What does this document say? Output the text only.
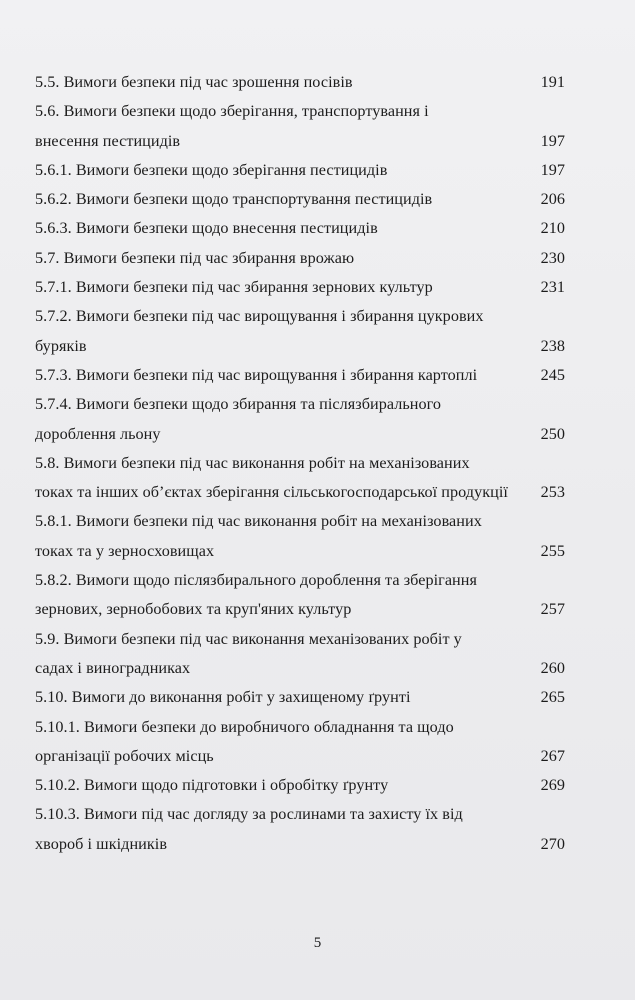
5.5. Вимоги безпеки під час зрошення посівів	191
5.6. Вимоги безпеки щодо зберігання, транспортування і
внесення пестицидів	197
5.6.1. Вимоги безпеки щодо зберігання пестицидів	197
5.6.2. Вимоги безпеки щодо транспортування пестицидів	206
5.6.3. Вимоги безпеки щодо внесення пестицидів	210
5.7. Вимоги безпеки під час збирання врожаю	230
5.7.1. Вимоги безпеки під час збирання зернових культур	231
5.7.2. Вимоги безпеки під час вирощування і збирання цукрових
буряків	238
5.7.3. Вимоги безпеки під час вирощування і збирання картоплі	245
5.7.4. Вимоги безпеки щодо збирання та післязбирального
дороблення льону	250
5.8. Вимоги безпеки під час виконання робіт на механізованих
токах та інших об’єктах зберігання сільськогосподарської продукції	253
5.8.1. Вимоги безпеки під час виконання робіт на механізованих
токах та у зерносховищах	255
5.8.2. Вимоги щодо післязбирального дороблення та зберігання
зернових, зернобобових та круп'яних культур	257
5.9. Вимоги безпеки під час виконання механізованих робіт у
садах і виноградниках	260
5.10. Вимоги до виконання робіт у захищеному ґрунті	265
5.10.1. Вимоги безпеки до виробничого обладнання та щодо
організації робочих місць	267
5.10.2. Вимоги щодо підготовки і обробітку ґрунту	269
5.10.3. Вимоги під час догляду за рослинами та захисту їх від
хвороб і шкідників	270
5
